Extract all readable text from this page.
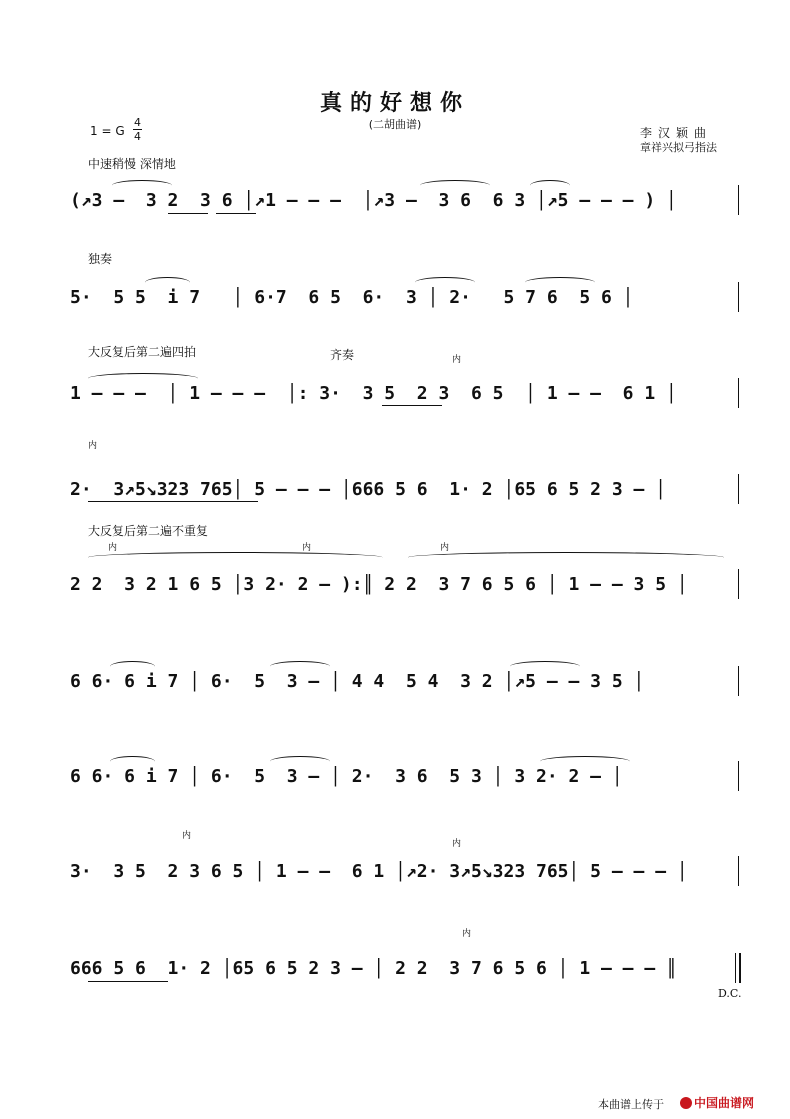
真的好想你
(二胡曲谱)
1 = G
4
4	李汉颖曲
章祥兴拟弓指法
中速稍慢 深情地
独奏
大反复后第二遍四拍	齐奏
大反复后第二遍不重复
内
内	内	内
内
内
内
内
(↗3 –  3 2  3 6 │↗1 – – –  │↗3 –  3 6  6 3 │↗5 – – – ) │
5·  5 5  i 7   │ 6·7  6 5  6·  3 │ 2·   5 7 6  5 6 │
1 – – –  │ 1 – – –  │: 3·  3 5  2 3  6 5  │ 1 – –  6 1 │
2·  3↗5↘323 765│ 5 – – – │666 5 6  1· 2 │65 6 5 2 3 – │
2 2  3 2 1 6 5 │3 2· 2 – ):║ 2 2  3 7 6 5 6 │ 1 – – 3 5 │
6 6· 6 i 7 │ 6·  5  3 – │ 4 4  5 4  3 2 │↗5 – – 3 5 │
6 6· 6 i 7 │ 6·  5  3 – │ 2·  3 6  5 3 │ 3 2· 2 – │
3·  3 5  2 3 6 5 │ 1 – –  6 1 │↗2· 3↗5↘323 765│ 5 – – – │
666 5 6  1· 2 │65 6 5 2 3 – │ 2 2  3 7 6 5 6 │ 1 – – – ║
D.C.
本曲谱上传于	中国曲谱网
